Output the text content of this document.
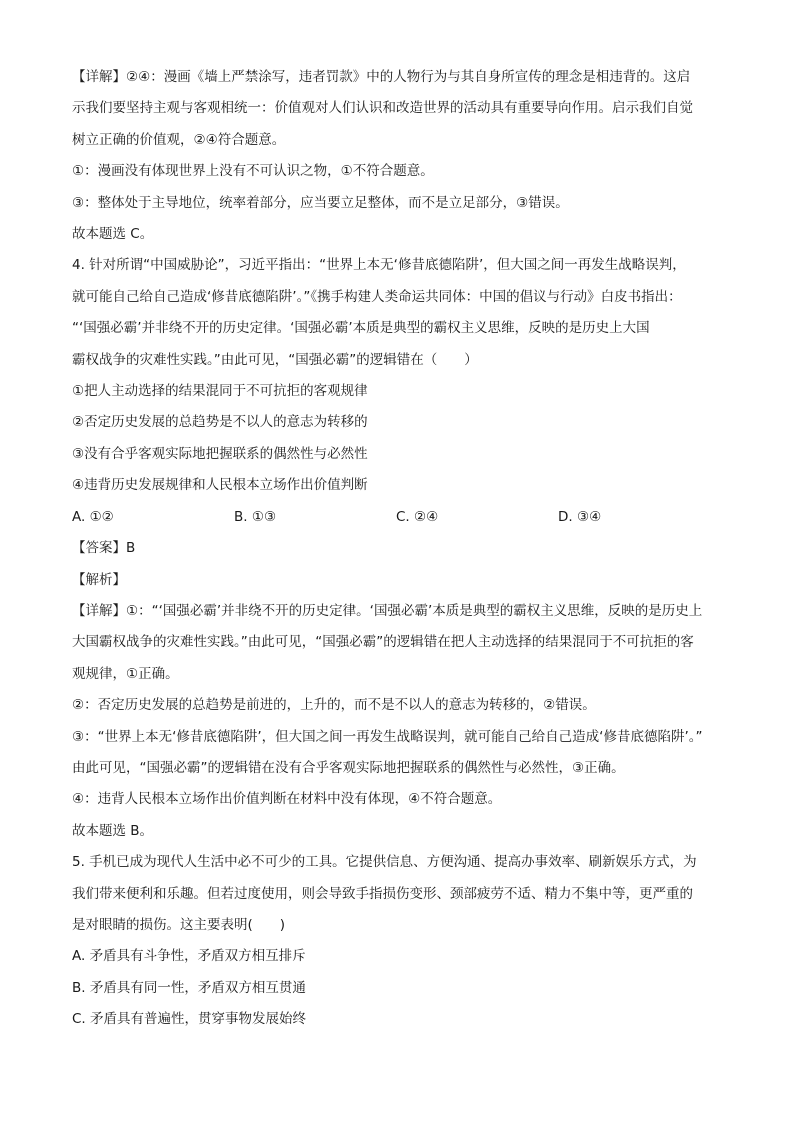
【详解】②④：漫画《墙上严禁涂写，违者罚款》中的人物行为与其自身所宣传的理念是相违背的。这启

示我们要坚持主观与客观相统一：价值观对人们认识和改造世界的活动具有重要导向作用。启示我们自觉

树立正确的价值观，②④符合题意。

①：漫画没有体现世界上没有不可认识之物，①不符合题意。

③：整体处于主导地位，统率着部分，应当要立足整体，而不是立足部分，③错误。

故本题选 C。

4. 针对所谓“中国威胁论”，习近平指出：“世界上本无‘修昔底德陷阱’，但大国之间一再发生战略误判，

就可能自己给自己造成‘修昔底德陷阱’。”《携手构建人类命运共同体：中国的倡议与行动》白皮书指出：

“‘国强必霸’并非绕不开的历史定律。‘国强必霸’本质是典型的霸权主义思维，反映的是历史上大国

霸权战争的灾难性实践。”由此可见，“国强必霸”的逻辑错在（　　）

①把人主动选择的结果混同于不可抗拒的客观规律

②否定历史发展的总趋势是不以人的意志为转移的

③没有合乎客观实际地把握联系的偶然性与必然性

④违背历史发展规律和人民根本立场作出价值判断

A. ①②	B. ①③	C. ②④	D. ③④

【答案】B

【解析】

【详解】①：“‘国强必霸’并非绕不开的历史定律。‘国强必霸’本质是典型的霸权主义思维，反映的是历史上

大国霸权战争的灾难性实践。”由此可见，“国强必霸”的逻辑错在把人主动选择的结果混同于不可抗拒的客

观规律，①正确。

②：否定历史发展的总趋势是前进的，上升的，而不是不以人的意志为转移的，②错误。

③：“世界上本无‘修昔底德陷阱’，但大国之间一再发生战略误判，就可能自己给自己造成‘修昔底德陷阱’。”

由此可见，“国强必霸”的逻辑错在没有合乎客观实际地把握联系的偶然性与必然性，③正确。

④：违背人民根本立场作出价值判断在材料中没有体现，④不符合题意。

故本题选 B。

5. 手机已成为现代人生活中必不可少的工具。它提供信息、方便沟通、提高办事效率、刷新娱乐方式，为

我们带来便利和乐趣。但若过度使用，则会导致手指损伤变形、颈部疲劳不适、精力不集中等，更严重的

是对眼睛的损伤。这主要表明(　　)

A. 矛盾具有斗争性，矛盾双方相互排斥

B. 矛盾具有同一性，矛盾双方相互贯通

C. 矛盾具有普遍性，贯穿事物发展始终
